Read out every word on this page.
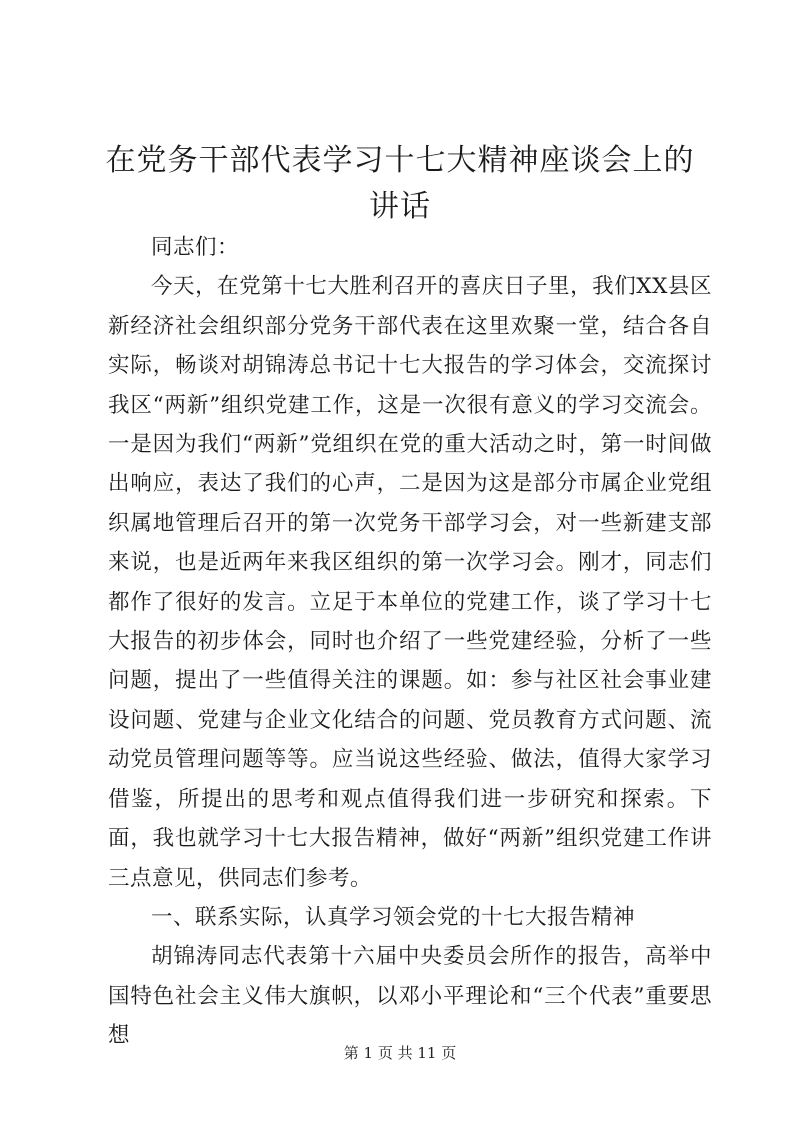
在党务干部代表学习十七大精神座谈会上的讲话

同志们：

今天，在党第十七大胜利召开的喜庆日子里，我们XX县区新经济社会组织部分党务干部代表在这里欢聚一堂，结合各自实际，畅谈对胡锦涛总书记十七大报告的学习体会，交流探讨我区“两新”组织党建工作，这是一次很有意义的学习交流会。一是因为我们“两新”党组织在党的重大活动之时，第一时间做出响应，表达了我们的心声，二是因为这是部分市属企业党组织属地管理后召开的第一次党务干部学习会，对一些新建支部来说，也是近两年来我区组织的第一次学习会。刚才，同志们都作了很好的发言。立足于本单位的党建工作，谈了学习十七大报告的初步体会，同时也介绍了一些党建经验，分析了一些问题，提出了一些值得关注的课题。如：参与社区社会事业建设问题、党建与企业文化结合的问题、党员教育方式问题、流动党员管理问题等等。应当说这些经验、做法，值得大家学习借鉴，所提出的思考和观点值得我们进一步研究和探索。下面，我也就学习十七大报告精神，做好“两新”组织党建工作讲三点意见，供同志们参考。

一、联系实际，认真学习领会党的十七大报告精神

胡锦涛同志代表第十六届中央委员会所作的报告，高举中国特色社会主义伟大旗帜，以邓小平理论和“三个代表”重要思想

第 1 页 共 11 页
